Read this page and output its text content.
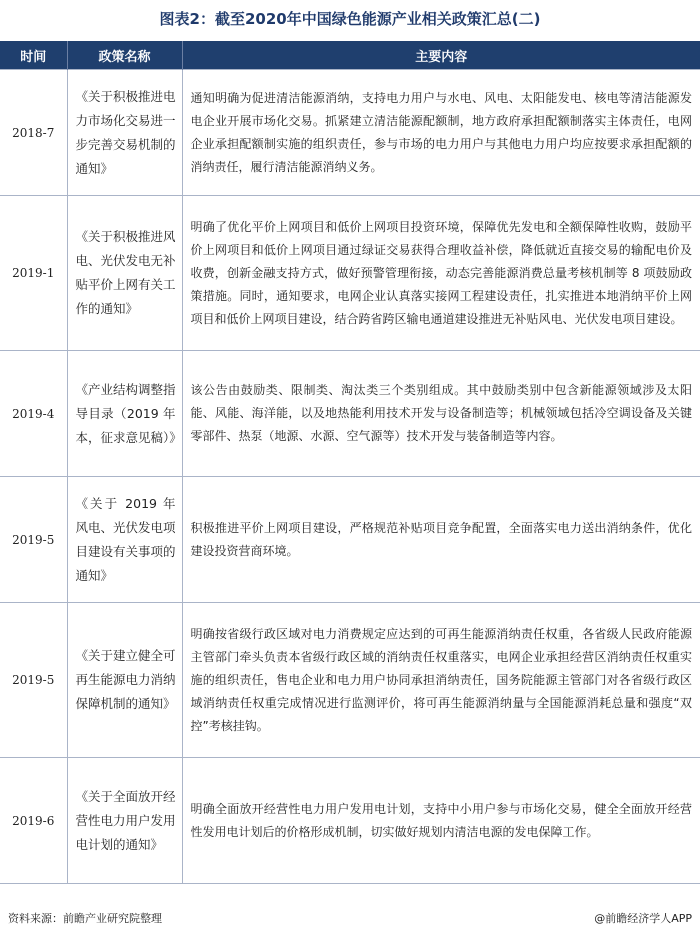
图表2：截至2020年中国绿色能源产业相关政策汇总(二)
时间	政策名称	主要内容
2018-7	《关于积极推进电力市场化交易进一步完善交易机制的通知》	通知明确为促进清洁能源消纳，支持电力用户与水电、风电、太阳能发电、核电等清洁能源发电企业开展市场化交易。抓紧建立清洁能源配额制，地方政府承担配额制落实主体责任，电网企业承担配额制实施的组织责任，参与市场的电力用户与其他电力用户均应按要求承担配额的消纳责任，履行清洁能源消纳义务。
2019-1	《关于积极推进风电、光伏发电无补贴平价上网有关工作的通知》	明确了优化平价上网项目和低价上网项目投资环境，保障优先发电和全额保障性收购，鼓励平价上网项目和低价上网项目通过绿证交易获得合理收益补偿，降低就近直接交易的输配电价及收费，创新金融支持方式，做好预警管理衔接，动态完善能源消费总量考核机制等 8 项鼓励政策措施。同时，通知要求，电网企业认真落实接网工程建设责任，扎实推进本地消纳平价上网项目和低价上网项目建设，结合跨省跨区输电通道建设推进无补贴风电、光伏发电项目建设。
2019-4	《产业结构调整指导目录（2019 年本，征求意见稿）》	该公告由鼓励类、限制类、淘汰类三个类别组成。其中鼓励类别中包含新能源领域涉及太阳能、风能、海洋能，以及地热能利用技术开发与设备制造等；机械领域包括冷空调设备及关键零部件、热泵（地源、水源、空气源等）技术开发与装备制造等内容。
2019-5	《关于 2019 年风电、光伏发电项目建设有关事项的通知》	积极推进平价上网项目建设，严格规范补贴项目竞争配置，全面落实电力送出消纳条件，优化建设投资营商环境。
2019-5	《关于建立健全可再生能源电力消纳保障机制的通知》	明确按省级行政区域对电力消费规定应达到的可再生能源消纳责任权重，各省级人民政府能源主管部门牵头负责本省级行政区域的消纳责任权重落实，电网企业承担经营区消纳责任权重实施的组织责任，售电企业和电力用户协同承担消纳责任，国务院能源主管部门对各省级行政区域消纳责任权重完成情况进行监测评价，将可再生能源消纳量与全国能源消耗总量和强度“双控”考核挂钩。
2019-6	《关于全面放开经营性电力用户发用电计划的通知》	明确全面放开经营性电力用户发用电计划，支持中小用户参与市场化交易，健全全面放开经营性发用电计划后的价格形成机制，切实做好规划内清洁电源的发电保障工作。
资料来源：前瞻产业研究院整理	@前瞻经济学人APP
